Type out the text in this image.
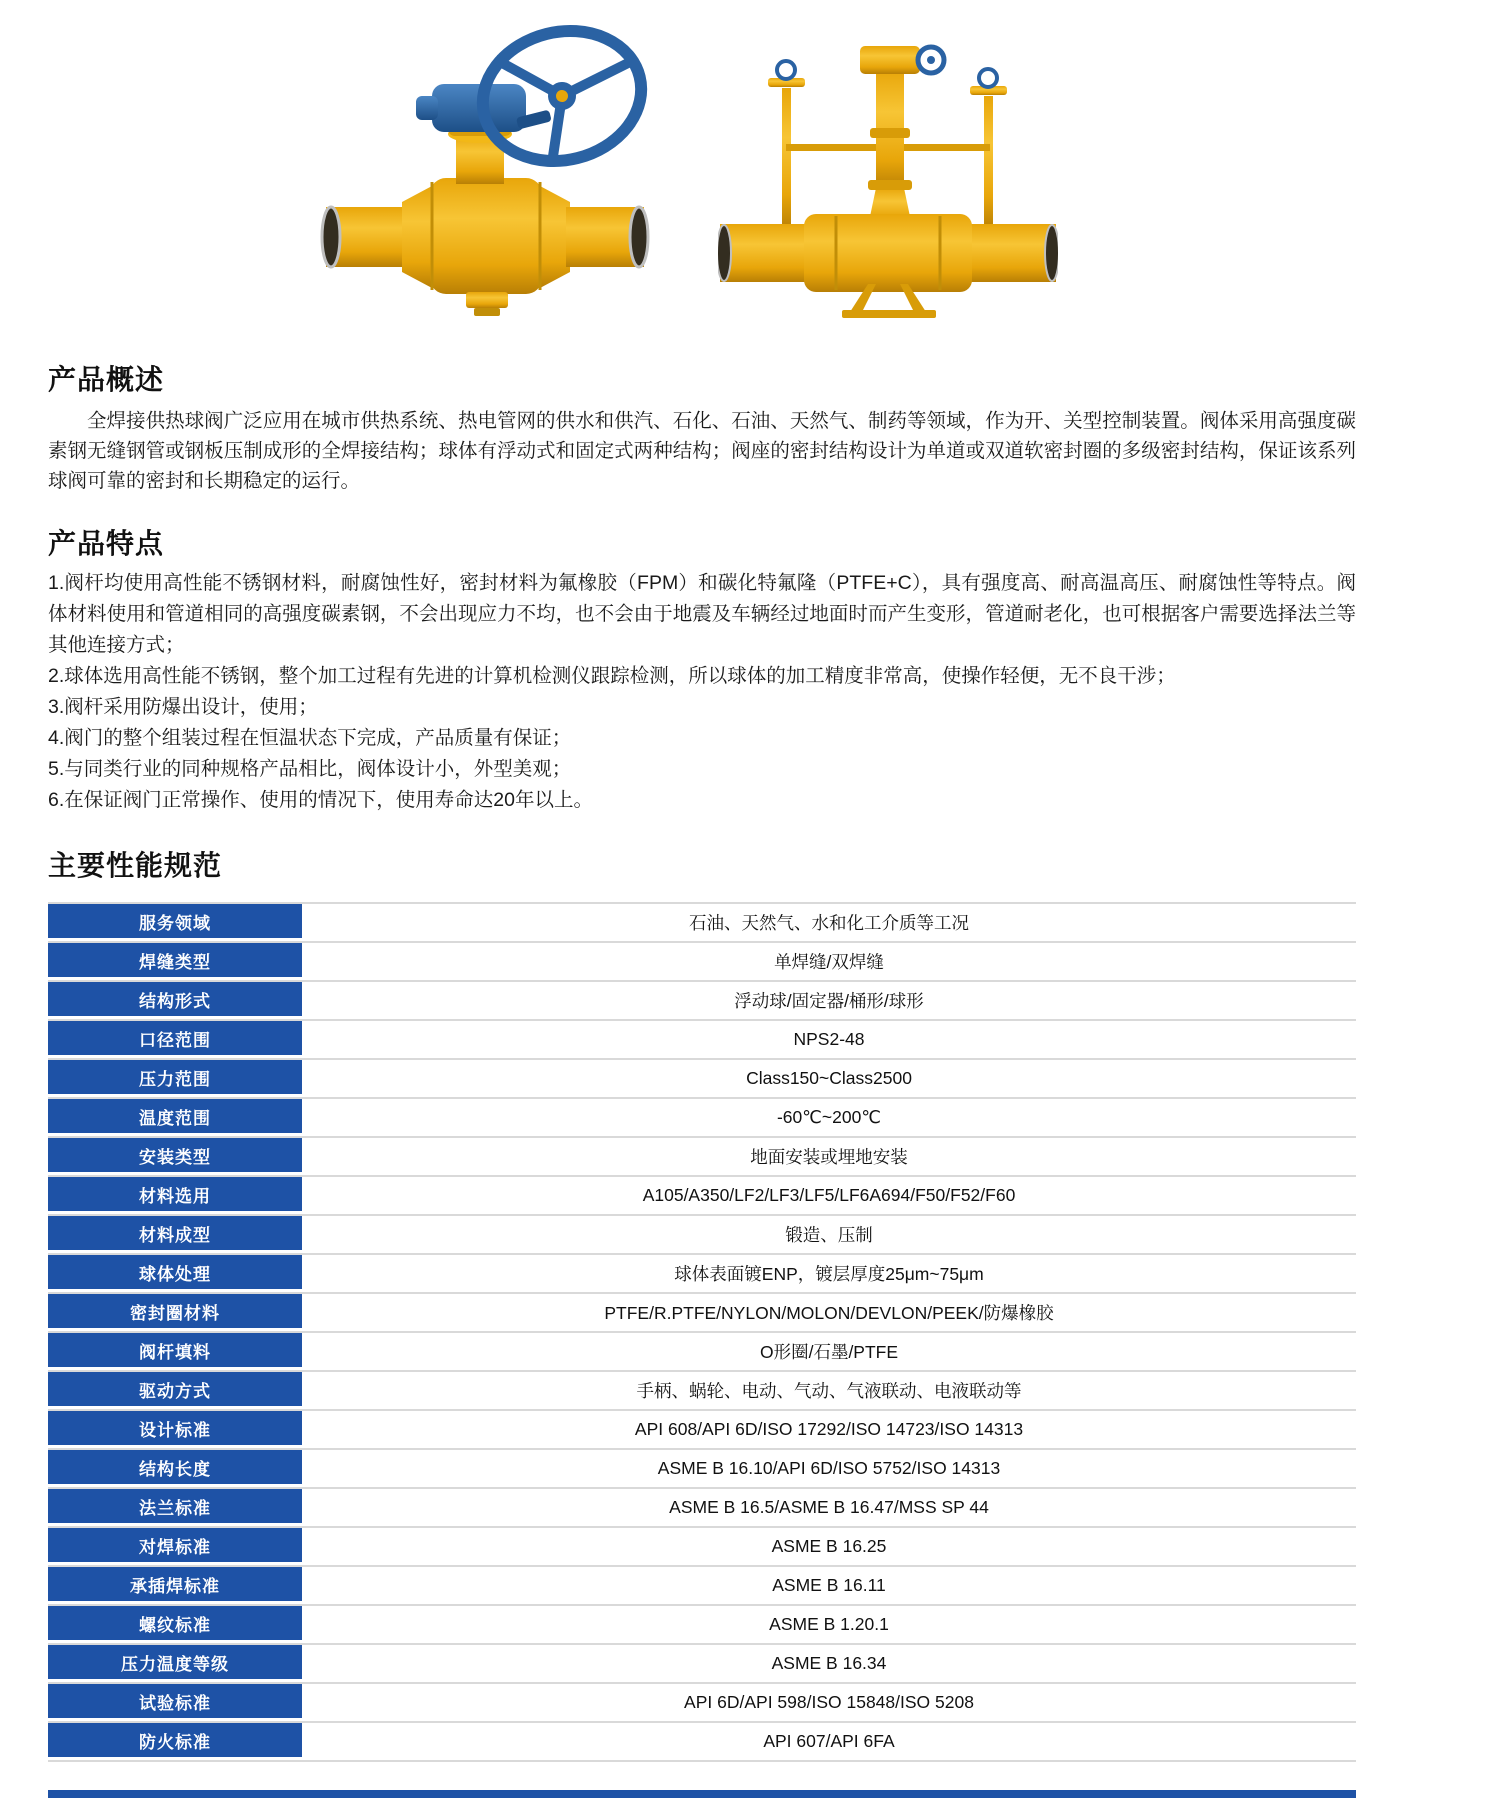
产品概述

全焊接供热球阀广泛应用在城市供热系统、热电管网的供水和供汽、石化、石油、天然气、制药等领域，作为开、关型控制装置。阀体采用高强度碳素钢无缝钢管或钢板压制成形的全焊接结构；球体有浮动式和固定式两种结构；阀座的密封结构设计为单道或双道软密封圈的多级密封结构，保证该系列球阀可靠的密封和长期稳定的运行。

产品特点

1.阀杆均使用高性能不锈钢材料，耐腐蚀性好，密封材料为氟橡胶（FPM）和碳化特氟隆（PTFE+C），具有强度高、耐高温高压、耐腐蚀性等特点。阀体材料使用和管道相同的高强度碳素钢，不会出现应力不均，也不会由于地震及车辆经过地面时而产生变形，管道耐老化，也可根据客户需要选择法兰等其他连接方式；

2.球体选用高性能不锈钢，整个加工过程有先进的计算机检测仪跟踪检测，所以球体的加工精度非常高，使操作轻便，无不良干涉；

3.阀杆采用防爆出设计，使用；

4.阀门的整个组装过程在恒温状态下完成，产品质量有保证；

5.与同类行业的同种规格产品相比，阀体设计小，外型美观；

6.在保证阀门正常操作、使用的情况下，使用寿命达20年以上。

主要性能规范
服务领域	石油、天然气、水和化工介质等工况
焊缝类型	单焊缝/双焊缝
结构形式	浮动球/固定器/桶形/球形
口径范围	NPS2-48
压力范围	Class150~Class2500
温度范围	-60℃~200℃
安装类型	地面安装或埋地安装
材料选用	A105/A350/LF2/LF3/LF5/LF6A694/F50/F52/F60
材料成型	锻造、压制
球体处理	球体表面镀ENP，镀层厚度25μm~75μm
密封圈材料	PTFE/R.PTFE/NYLON/MOLON/DEVLON/PEEK/防爆橡胶
阀杆填料	O形圈/石墨/PTFE
驱动方式	手柄、蜗轮、电动、气动、气液联动、电液联动等
设计标准	API 608/API 6D/ISO 17292/ISO 14723/ISO 14313
结构长度	ASME B 16.10/API 6D/ISO 5752/ISO 14313
法兰标准	ASME B 16.5/ASME B 16.47/MSS SP 44
对焊标准	ASME B 16.25
承插焊标准	ASME B 16.11
螺纹标准	ASME B 1.20.1
压力温度等级	ASME B 16.34
试验标准	API 6D/API 598/ISO 15848/ISO 5208
防火标准	API 607/API 6FA
